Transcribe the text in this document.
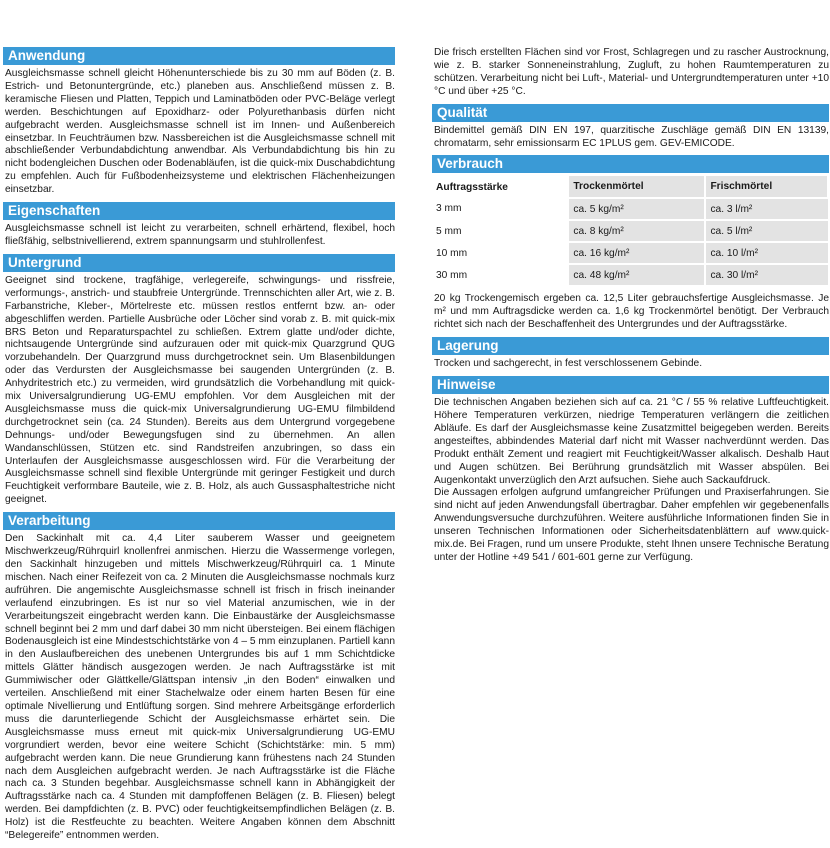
Anwendung
Ausgleichsmasse schnell gleicht Höhenunterschiede bis zu 30 mm auf Böden (z. B. Estrich- und Betonuntergründe, etc.) planeben aus. Anschließend müssen z. B. keramische Fliesen und Platten, Teppich und Laminatböden oder PVC-Beläge verlegt werden. Beschichtungen auf Epoxidharz- oder Polyurethanbasis dürfen nicht aufgebracht werden. Ausgleichsmasse schnell ist im Innen- und Außenbereich einsetzbar. In Feuchträumen bzw. Nassbereichen ist die Ausgleichsmasse schnell mit abschließender Verbundabdichtung anwendbar. Als Verbundabdichtung bis hin zu nicht bodengleichen Duschen oder Bodenabläufen, ist die quick-mix Duschabdichtung zu empfehlen. Auch für Fußbodenheizsysteme und elektrischen Flächenheizungen einsetzbar.
Eigenschaften
Ausgleichsmasse schnell ist leicht zu verarbeiten, schnell erhärtend, flexibel, hoch fließfähig, selbstnivellierend, extrem spannungsarm und stuhlrollenfest.
Untergrund
Geeignet sind trockene, tragfähige, verlegereife, schwingungs- und rissfreie, verformungs-, anstrich- und staubfreie Untergründe. Trennschichten aller Art, wie z. B. Farbanstriche, Kleber-, Mörtelreste etc. müssen restlos entfernt bzw. an- oder abgeschliffen werden. Partielle Ausbrüche oder Löcher sind vorab z. B. mit quick-mix BRS Beton und Reparaturspachtel zu schließen. Extrem glatte und/oder dichte, nichtsaugende Untergründe sind aufzurauen oder mit quick-mix Quarzgrund QUG vorzubehandeln. Der Quarzgrund muss durchgetrocknet sein. Um Blasenbildungen oder das Verdursten der Ausgleichsmasse bei saugenden Untergründen (z. B. Anhydritestrich etc.) zu vermeiden, wird grundsätzlich die Vorbehandlung mit quick-mix Universalgrundierung UG-EMU empfohlen. Vor dem Ausgleichen mit der Ausgleichsmasse muss die quick-mix Universalgrundierung UG-EMU filmbildend durchgetrocknet sein (ca. 24 Stunden). Bereits aus dem Untergrund vorgegebene Dehnungs- und/oder Bewegungsfugen sind zu übernehmen. An allen Wandanschlüssen, Stützen etc. sind Randstreifen anzubringen, so dass ein Unterlaufen der Ausgleichsmasse ausgeschlossen wird. Für die Verarbeitung der Ausgleichsmasse schnell sind flexible Untergründe mit geringer Festigkeit und durch Feuchtigkeit verformbare Bauteile, wie z. B. Holz, als auch Gussasphaltestriche nicht geeignet.
Verarbeitung
Den Sackinhalt mit ca. 4,4 Liter sauberem Wasser und geeignetem Mischwerkzeug/Rührquirl knollenfrei anmischen. Hierzu die Wassermenge vorlegen, den Sackinhalt hinzugeben und mittels Mischwerkzeug/Rührquirl ca. 1 Minute mischen. Nach einer Reifezeit von ca. 2 Minuten die Ausgleichsmasse nochmals kurz aufrühren. Die angemischte Ausgleichsmasse schnell ist frisch in frisch ineinander verlaufend einzubringen. Es ist nur so viel Material anzumischen, wie in der Verarbeitungszeit eingebracht werden kann. Die Einbaustärke der Ausgleichsmasse schnell beginnt bei 2 mm und darf dabei 30 mm nicht übersteigen. Bei einem flächigen Bodenausgleich ist eine Mindestschichtstärke von 4 – 5 mm einzuplanen. Partiell kann in den Auslaufbereichen des unebenen Untergrundes bis auf 1 mm Schichtdicke mittels Glätter händisch ausgezogen werden. Je nach Auftragsstärke ist mit Gummiwischer oder Glättkelle/Glättspan intensiv „in den Boden“ einwalken und verteilen. Anschließend mit einer Stachelwalze oder einem harten Besen für eine optimale Nivellierung und Entlüftung sorgen. Sind mehrere Arbeitsgänge erforderlich muss die darunterliegende Schicht der Ausgleichsmasse erhärtet sein. Die Ausgleichsmasse muss erneut mit quick-mix Universalgrundierung UG-EMU vorgrundiert werden, bevor eine weitere Schicht (Schichtstärke: min. 5 mm) aufgebracht werden kann. Die neue Grundierung kann frühestens nach 24 Stunden nach dem Ausgleichen aufgebracht werden. Je nach Auftragsstärke ist die Fläche nach ca. 3 Stunden begehbar. Ausgleichsmasse schnell kann in Abhängigkeit der Auftragsstärke nach ca. 4 Stunden mit dampfoffenen Belägen (z. B. Fliesen) belegt werden. Bei dampfdichten (z. B. PVC) oder feuchtigkeitsempfindlichen Belägen (z. B. Holz) ist die Restfeuchte zu beachten. Weitere Angaben können dem Abschnitt “Belegereife” entnommen werden.
Die frisch erstellten Flächen sind vor Frost, Schlagregen und zu rascher Austrocknung, wie z. B. starker Sonneneinstrahlung, Zugluft, zu hohen Raumtemperaturen zu schützen. Verarbeitung nicht bei Luft-, Material- und Untergrundtemperaturen unter +10 °C und über +25 °C.
Qualität
Bindemittel gemäß DIN EN 197, quarzitische Zuschläge gemäß DIN EN 13139, chromatarm, sehr emissionsarm EC 1PLUS gem. GEV-EMICODE.
Verbrauch
Auftragsstärke	Trockenmörtel	Frischmörtel
3 mm	ca. 5 kg/m²	ca. 3 l/m²
5 mm	ca. 8 kg/m²	ca. 5 l/m²
10 mm	ca. 16 kg/m²	ca. 10 l/m²
30 mm	ca. 48 kg/m²	ca. 30 l/m²
20 kg Trockengemisch ergeben ca. 12,5 Liter gebrauchsfertige Ausgleichsmasse. Je m² und mm Auftragsdicke werden ca. 1,6 kg Trockenmörtel benötigt. Der Verbrauch richtet sich nach der Beschaffenheit des Untergrundes und der Auftragsstärke.
Lagerung
Trocken und sachgerecht, in fest verschlossenem Gebinde.
Hinweise

Die technischen Angaben beziehen sich auf ca. 21 °C / 55 % relative Luftfeuchtigkeit. Höhere Temperaturen verkürzen, niedrige Temperaturen verlängern die zeitlichen Abläufe. Es darf der Ausgleichsmasse keine Zusatzmittel beigegeben werden. Bereits angesteiftes, abbindendes Material darf nicht mit Wasser nachverdünnt werden. Das Produkt enthält Zement und reagiert mit Feuchtigkeit/Wasser alkalisch. Deshalb Haut und Augen schützen. Bei Berührung grundsätzlich mit Wasser abspülen. Bei Augenkontakt unverzüglich den Arzt aufsuchen. Siehe auch Sackaufdruck.

Die Aussagen erfolgen aufgrund umfangreicher Prüfungen und Praxiserfahrungen. Sie sind nicht auf jeden Anwendungsfall übertragbar. Daher empfehlen wir gegebenenfalls Anwendungsversuche durchzuführen. Weitere ausführliche Informationen finden Sie in unseren Technischen Informationen oder Sicherheitsdatenblättern auf www.quick-mix.de. Bei Fragen, rund um unsere Produkte, steht Ihnen unsere Technische Beratung unter der Hotline +49 541 / 601-601 gerne zur Verfügung.
